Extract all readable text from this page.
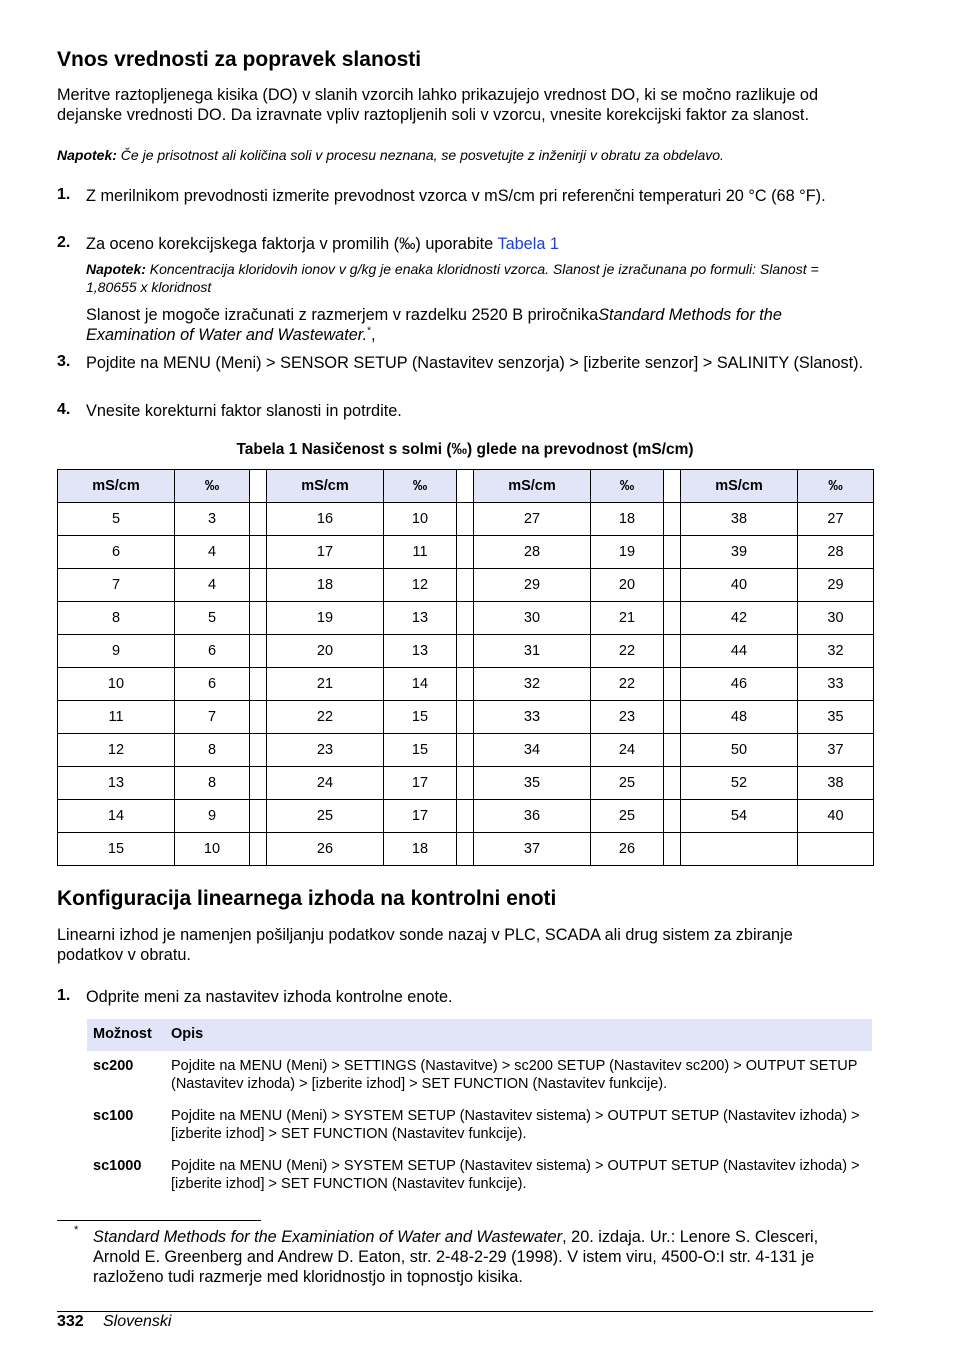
Vnos vrednosti za popravek slanosti

Meritve raztopljenega kisika (DO) v slanih vzorcih lahko prikazujejo vrednost DO, ki se močno razlikuje od dejanske vrednosti DO. Da izravnate vpliv raztopljenih soli v vzorcu, vnesite korekcijski faktor za slanost.

Napotek: Če je prisotnost ali količina soli v procesu neznana, se posvetujte z inženirji v obratu za obdelavo.

1. Z merilnikom prevodnosti izmerite prevodnost vzorca v mS/cm pri referenčni temperaturi 20 °C (68 °F).

2. Za oceno korekcijskega faktorja v promilih (‰) uporabite Tabela 1

Napotek: Koncentracija kloridovih ionov v g/kg je enaka kloridnosti vzorca. Slanost je izračunana po formuli: Slanost = 1,80655 x kloridnost

Slanost je mogoče izračunati z razmerjem v razdelku 2520 B priročnikaStandard Methods for the Examination of Water and Wastewater.*,

3. Pojdite na MENU (Meni) > SENSOR SETUP (Nastavitev senzorja) > [izberite senzor] > SALINITY (Slanost).

4. Vnesite korekturni faktor slanosti in potrdite.

Tabela 1 Nasičenost s solmi (‰) glede na prevodnost (mS/cm)
mS/cm	‰		mS/cm	‰		mS/cm	‰		mS/cm	‰
5	3		16	10		27	18		38	27
6	4		17	11		28	19		39	28
7	4		18	12		29	20		40	29
8	5		19	13		30	21		42	30
9	6		20	13		31	22		44	32
10	6		21	14		32	22		46	33
11	7		22	15		33	23		48	35
12	8		23	15		34	24		50	37
13	8		24	17		35	25		52	38
14	9		25	17		36	25		54	40
15	10		26	18		37	26			
Konfiguracija linearnega izhoda na kontrolni enoti

Linearni izhod je namenjen pošiljanju podatkov sonde nazaj v PLC, SCADA ali drug sistem za zbiranje podatkov v obratu.

1. Odprite meni za nastavitev izhoda kontrolne enote.

Možnost Opis
sc200	Pojdite na MENU (Meni) > SETTINGS (Nastavitve) > sc200 SETUP (Nastavitev sc200) > OUTPUT SETUP (Nastavitev izhoda) > [izberite izhod] > SET FUNCTION (Nastavitev funkcije).
sc100	Pojdite na MENU (Meni) > SYSTEM SETUP (Nastavitev sistema) > OUTPUT SETUP (Nastavitev izhoda) > [izberite izhod] > SET FUNCTION (Nastavitev funkcije).
sc1000 Pojdite na MENU (Meni) > SYSTEM SETUP (Nastavitev sistema) > OUTPUT SETUP (Nastavitev izhoda) > [izberite izhod] > SET FUNCTION (Nastavitev funkcije).
* Standard Methods for the Examiniation of Water and Wastewater, 20. izdaja. Ur.: Lenore S. Clesceri, Arnold E. Greenberg and Andrew D. Eaton, str. 2-48-2-29 (1998). V istem viru, 4500-O:I str. 4-131 je razloženo tudi razmerje med kloridnostjo in topnostjo kisika.

332 Slovenski
